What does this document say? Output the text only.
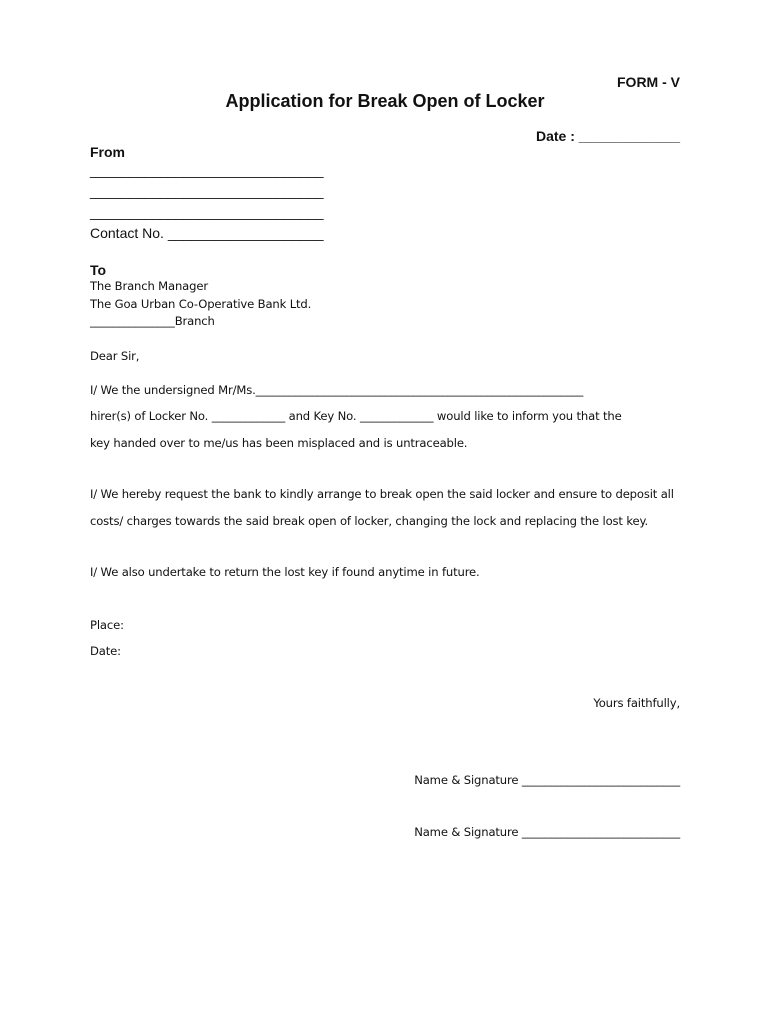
FORM - V
Application for Break Open of Locker
Date : _____________
From
______________________________
______________________________
______________________________
Contact No. ____________________
To
The Branch Manager
The Goa Urban Co-Operative Bank Ltd.
_______________Branch
Dear Sir,
I/ We the undersigned Mr/Ms.__________________________________________________________
hirer(s) of Locker No. _____________ and Key No. _____________ would like to inform you that the
key handed over to me/us has been misplaced and is untraceable.
I/ We hereby request the bank to kindly arrange to break open the said locker and ensure to deposit all
costs/ charges towards the said break open of locker, changing the lock and replacing the lost key.
I/ We also undertake to return the lost key if found anytime in future.
Place:
Date:
Yours faithfully,
Name & Signature ____________________________
Name & Signature ____________________________
